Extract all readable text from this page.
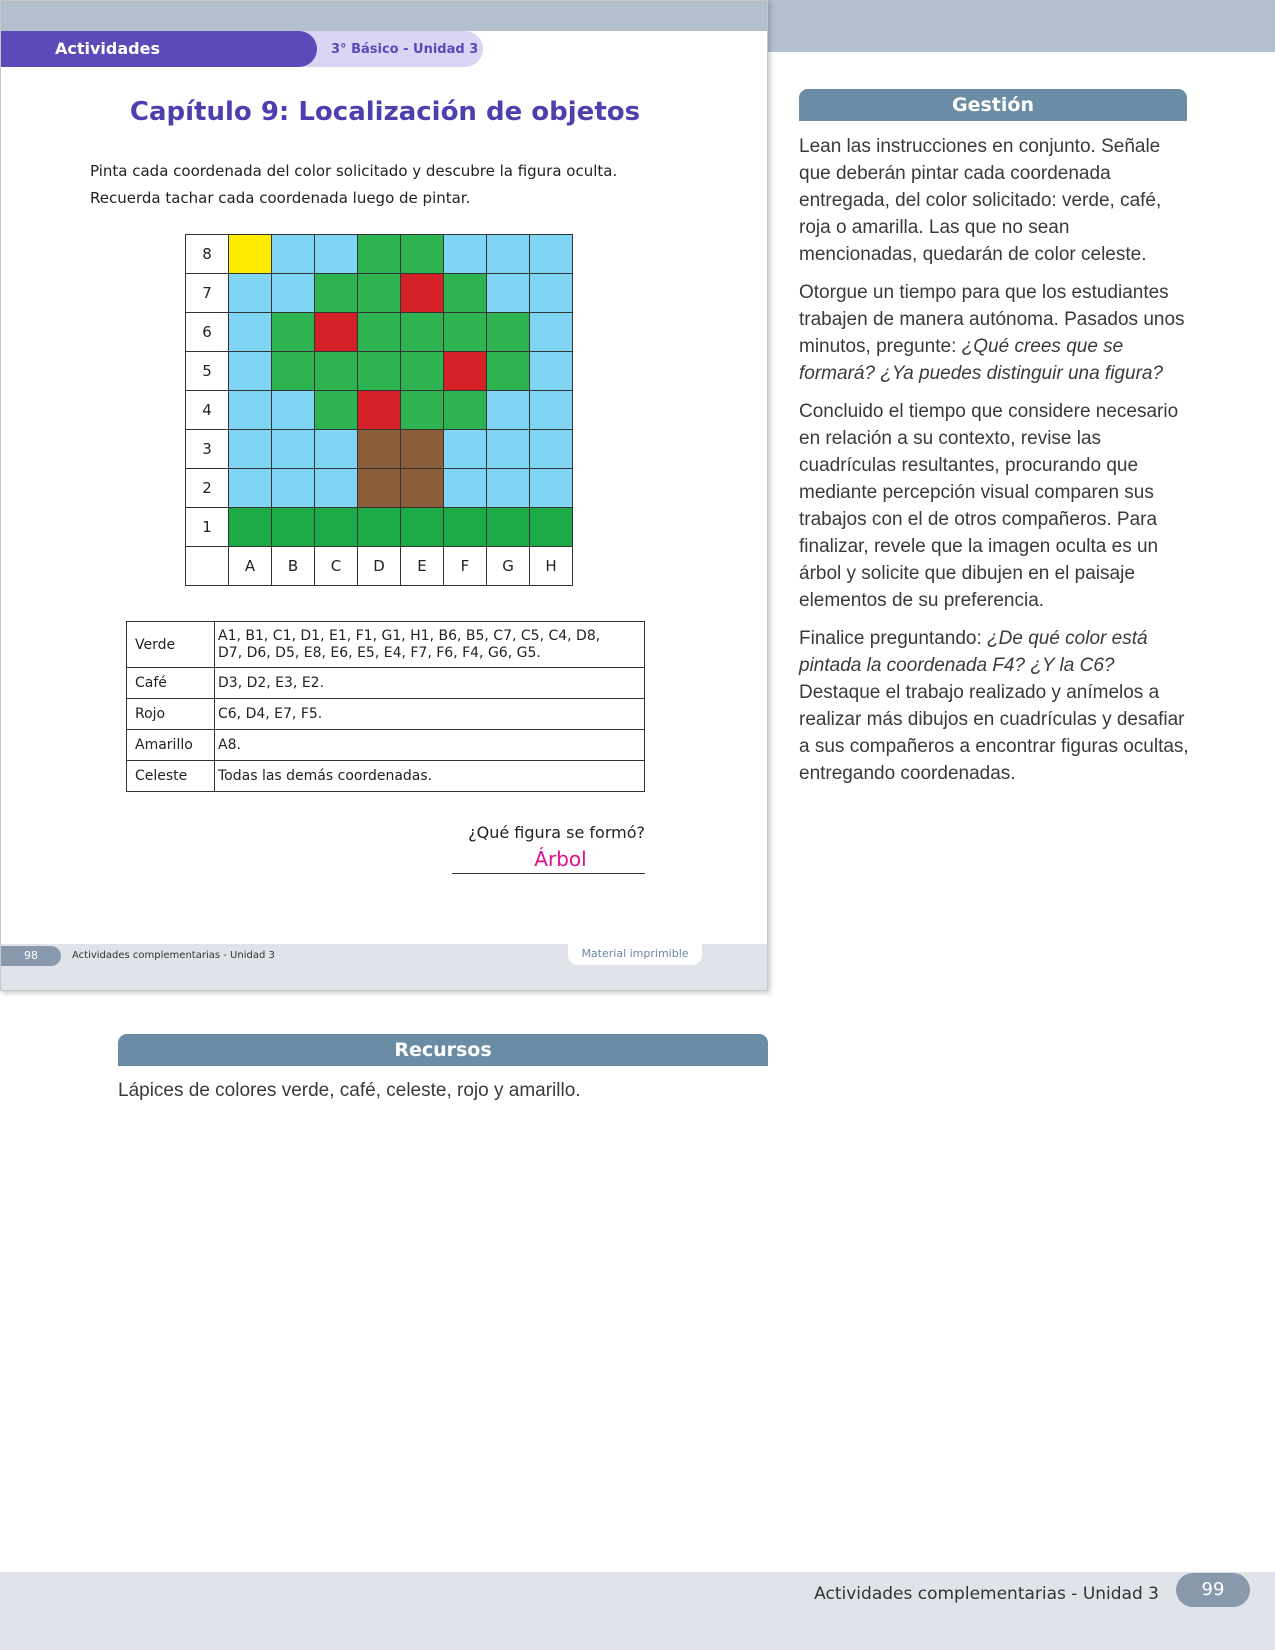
3° Básico - Unidad 3
Actividades complementarias
Capítulo 9: Localización de objetos
Pinta cada coordenada del color solicitado y descubre la figura oculta.
Recuerda tachar cada coordenada luego de pintar.
8								
7								
6								
5								
4								
3								
2								
1								
	A	B	C	D	E	F	G	H
Verde	A1, B1, C1, D1, E1, F1, G1, H1, B6, B5, C7, C5, C4, D8,
D7, D6, D5, E8, E6, E5, E4, F7, F6, F4, G6, G5.

Café	D3, D2, E3, E2.

Rojo	C6, D4, E7, F5.

Amarillo	A8.

Celeste	Todas las demás coordenadas.
¿Qué figura se formó?
Árbol
98	Actividades complementarias - Unidad 3	Material imprimible
Gestión

Lean las instrucciones en conjunto. Señale que deberán pintar cada coordenada entregada, del color solicitado: verde, café, roja o amarilla. Las que no sean mencionadas, quedarán de color celeste.

Otorgue un tiempo para que los estudiantes trabajen de manera autónoma. Pasados unos minutos, pregunte: ¿Qué crees que se formará? ¿Ya puedes distinguir una figura?

Concluido el tiempo que considere necesario en relación a su contexto, revise las cuadrículas resultantes, procurando que mediante percepción visual comparen sus trabajos con el de otros compañeros. Para finalizar, revele que la imagen oculta es un árbol y solicite que dibujen en el paisaje elementos de su preferencia.

Finalice preguntando: ¿De qué color está pintada la coordenada F4? ¿Y la C6? Destaque el trabajo realizado y anímelos a realizar más dibujos en cuadrículas y desafiar a sus compañeros a encontrar figuras ocultas, entregando coordenadas.

Recursos
Lápices de colores verde, café, celeste, rojo y amarillo.
Actividades complementarias - Unidad 3	99
